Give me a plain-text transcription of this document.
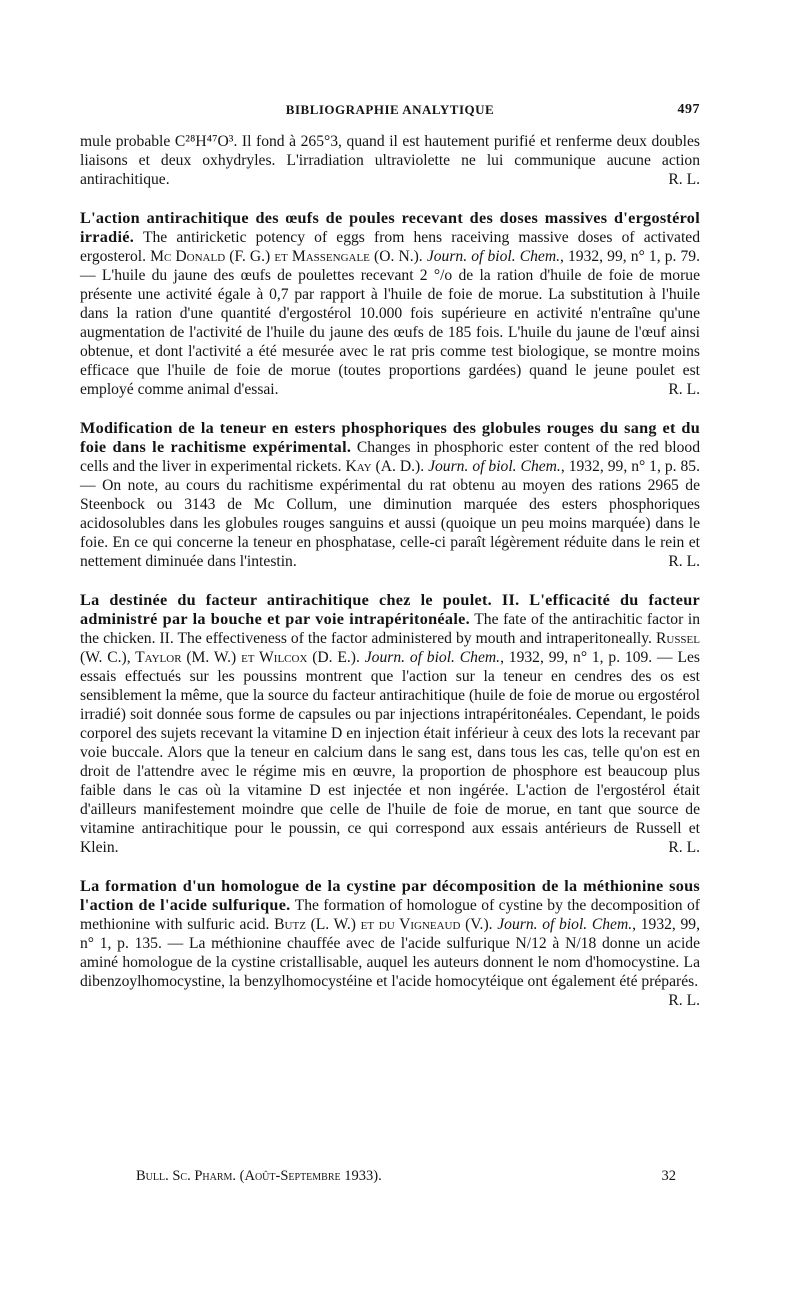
BIBLIOGRAPHIE ANALYTIQUE	497

mule probable C²⁸H⁴⁷O³. Il fond à 265°3, quand il est hautement purifié et renferme deux doubles liaisons et deux oxhydryles. L'irradiation ultraviolette ne lui communique aucune action antirachitique.	R. L.

L'action antirachitique des œufs de poules recevant des doses massives d'ergostérol irradié. The antiricketic potency of eggs from hens raceiving massive doses of activated ergosterol. Mc Donald (F. G.) et Massengale (O. N.). Journ. of biol. Chem., 1932, 99, n° 1, p. 79. — L'huile du jaune des œufs de poulettes recevant 2 °/o de la ration d'huile de foie de morue présente une activité égale à 0,7 par rapport à l'huile de foie de morue. La substitution à l'huile dans la ration d'une quantité d'ergostérol 10.000 fois supérieure en activité n'entraîne qu'une augmentation de l'activité de l'huile du jaune des œufs de 185 fois. L'huile du jaune de l'œuf ainsi obtenue, et dont l'activité a été mesurée avec le rat pris comme test biologique, se montre moins efficace que l'huile de foie de morue (toutes proportions gardées) quand le jeune poulet est employé comme animal d'essai.	R. L.

Modification de la teneur en esters phosphoriques des globules rouges du sang et du foie dans le rachitisme expérimental. Changes in phosphoric ester content of the red blood cells and the liver in experimental rickets. Kay (A. D.). Journ. of biol. Chem., 1932, 99, n° 1, p. 85. — On note, au cours du rachitisme expérimental du rat obtenu au moyen des rations 2965 de Steenbock ou 3143 de Mc Collum, une diminution marquée des esters phosphoriques acidosolubles dans les globules rouges sanguins et aussi (quoique un peu moins marquée) dans le foie. En ce qui concerne la teneur en phosphatase, celle-ci paraît légèrement réduite dans le rein et nettement diminuée dans l'intestin.	R. L.

La destinée du facteur antirachitique chez le poulet. II. L'efficacité du facteur administré par la bouche et par voie intrapéritonéale. The fate of the antirachitic factor in the chicken. II. The effectiveness of the factor administered by mouth and intraperitoneally. Russel (W. C.), Taylor (M. W.) et Wilcox (D. E.). Journ. of biol. Chem., 1932, 99, n° 1, p. 109. — Les essais effectués sur les poussins montrent que l'action sur la teneur en cendres des os est sensiblement la même, que la source du facteur antirachitique (huile de foie de morue ou ergostérol irradié) soit donnée sous forme de capsules ou par injections intrapéritonéales. Cependant, le poids corporel des sujets recevant la vitamine D en injection était inférieur à ceux des lots la recevant par voie buccale. Alors que la teneur en calcium dans le sang est, dans tous les cas, telle qu'on est en droit de l'attendre avec le régime mis en œuvre, la proportion de phosphore est beaucoup plus faible dans le cas où la vitamine D est injectée et non ingérée. L'action de l'ergostérol était d'ailleurs manifestement moindre que celle de l'huile de foie de morue, en tant que source de vitamine antirachitique pour le poussin, ce qui correspond aux essais antérieurs de Russell et Klein.	R. L.

La formation d'un homologue de la cystine par décomposition de la méthionine sous l'action de l'acide sulfurique. The formation of homologue of cystine by the decomposition of methionine with sulfuric acid. Butz (L. W.) et du Vigneaud (V.). Journ. of biol. Chem., 1932, 99, n° 1, p. 135. — La méthionine chauffée avec de l'acide sulfurique N/12 à N/18 donne un acide aminé homologue de la cystine cristallisable, auquel les auteurs donnent le nom d'homocystine. La dibenzoylhomocystine, la benzylhomocystéine et l'acide homocytéique ont également été préparés.
R. L.

Bull. Sc. Pharm. (Août-Septembre 1933).	32
